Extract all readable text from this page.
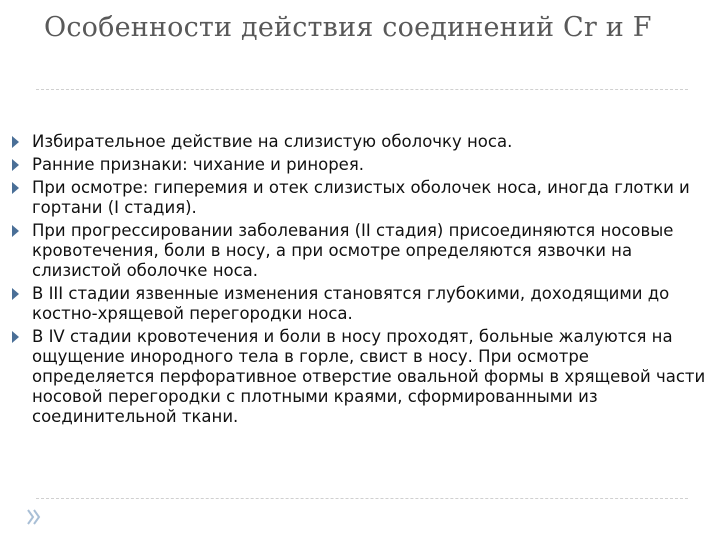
Особенности действия соединений Cr и F
Избирательное действие на слизистую оболочку носа.
Ранние признаки: чихание и ринорея.
При осмотре: гиперемия и отек слизистых оболочек носа, иногда глотки и гортани (I стадия).
При прогрессировании заболевания (II стадия) присоединяются носовые кровотечения, боли в носу, а при осмотре определяются язвочки на слизистой оболочке носа.
В III стадии язвенные изменения становятся глубокими, доходящими до костно-хрящевой перегородки носа.
В IV стадии кровотечения и боли в носу проходят, больные жалуются на ощущение инородного тела в горле, свист в носу. При осмотре определяется перфоративное отверстие овальной формы в хрящевой части носовой перегородки с плотными краями, сформированными из соединительной ткани.
